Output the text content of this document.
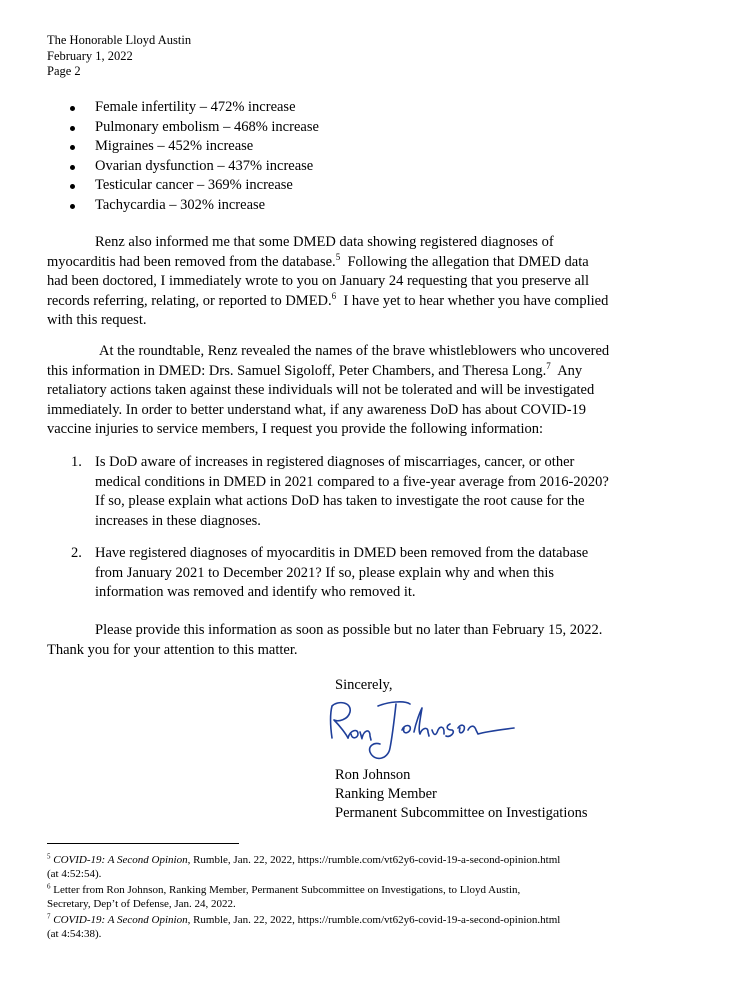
The Honorable Lloyd Austin
February 1, 2022
Page 2
Female infertility – 472% increase
Pulmonary embolism – 468% increase
Migraines – 452% increase
Ovarian dysfunction – 437% increase
Testicular cancer – 369% increase
Tachycardia – 302% increase
Renz also informed me that some DMED data showing registered diagnoses of
myocarditis had been removed from the database.$^5$  Following the allegation that DMED data
had been doctored, I immediately wrote to you on January 24 requesting that you preserve all
records referring, relating, or reported to DMED.$^6$  I have yet to hear whether you have complied
with this request.
At the roundtable, Renz revealed the names of the brave whistleblowers who uncovered
this information in DMED: Drs. Samuel Sigoloff, Peter Chambers, and Theresa Long.$^7$  Any
retaliatory actions taken against these individuals will not be tolerated and will be investigated
immediately. In order to better understand what, if any awareness DoD has about COVID-19
vaccine injuries to service members, I request you provide the following information:
1. Is DoD aware of increases in registered diagnoses of miscarriages, cancer, or other
medical conditions in DMED in 2021 compared to a five-year average from 2016-2020?
If so, please explain what actions DoD has taken to investigate the root cause for the
increases in these diagnoses.
2. Have registered diagnoses of myocarditis in DMED been removed from the database
from January 2021 to December 2021? If so, please explain why and when this
information was removed and identify who removed it.
Please provide this information as soon as possible but no later than February 15, 2022.
Thank you for your attention to this matter.
Sincerely,
Ron Johnson
Ranking Member
Permanent Subcommittee on Investigations
$^5$ COVID-19: A Second Opinion, Rumble, Jan. 22, 2022, https://rumble.com/vt62y6-covid-19-a-second-opinion.html
(at 4:52:54).
$^6$ Letter from Ron Johnson, Ranking Member, Permanent Subcommittee on Investigations, to Lloyd Austin,
Secretary, Dep’t of Defense, Jan. 24, 2022.
$^7$ COVID-19: A Second Opinion, Rumble, Jan. 22, 2022, https://rumble.com/vt62y6-covid-19-a-second-opinion.html
(at 4:54:38).
